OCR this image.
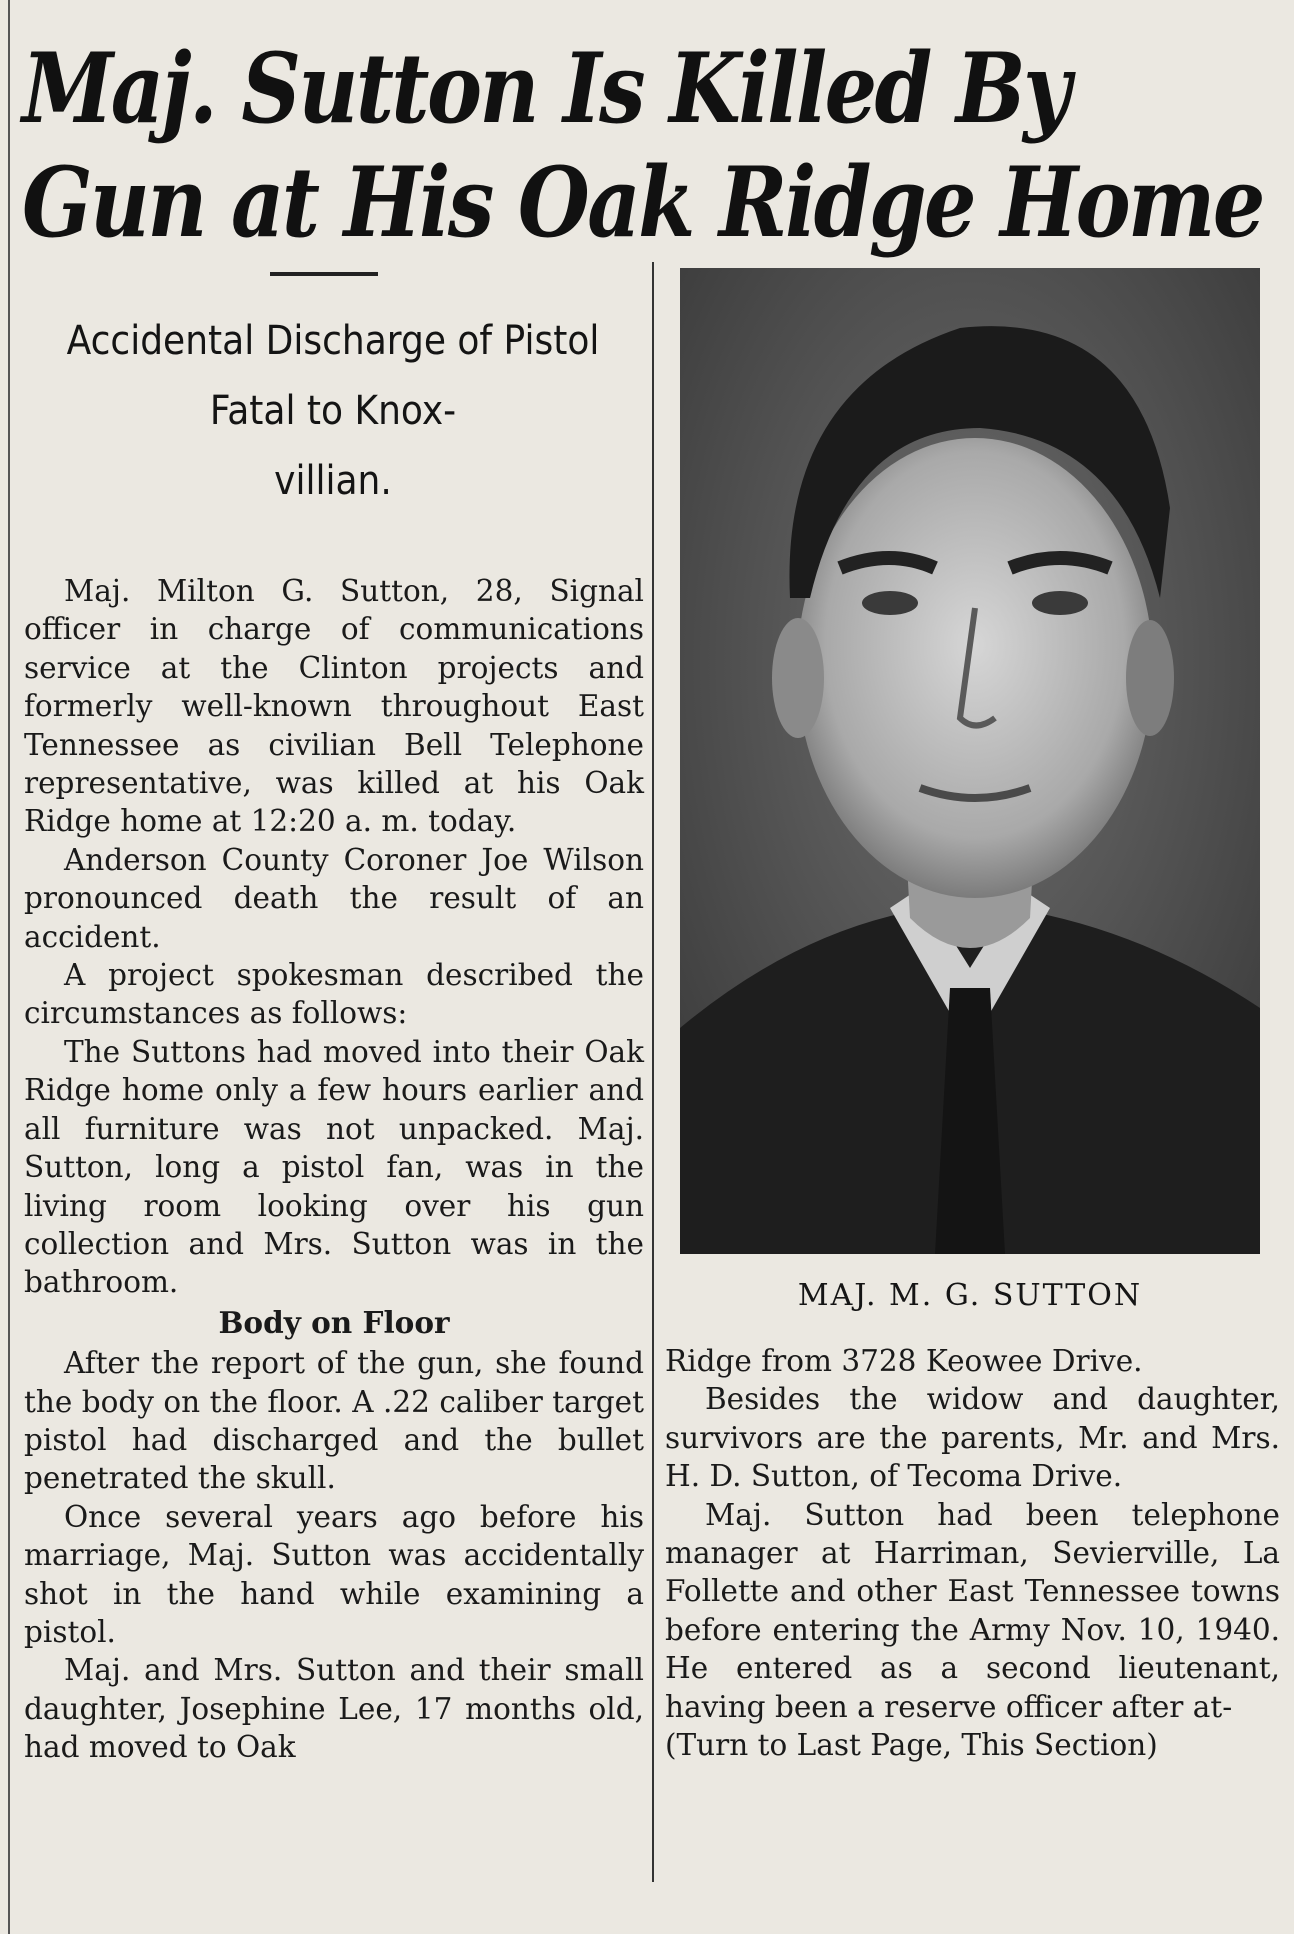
Maj. Sutton Is Killed By
Gun at His Oak Ridge Home
Accidental Discharge of Pistol
Fatal to Knox-
villian.

Maj. Milton G. Sutton, 28, Signal officer in charge of communications service at the Clinton projects and formerly well-known throughout East Tennessee as civilian Bell Telephone representative, was killed at his Oak Ridge home at 12:20 a. m. today.

Anderson County Coroner Joe Wilson pronounced death the result of an accident.

A project spokesman described the circumstances as follows:

The Suttons had moved into their Oak Ridge home only a few hours earlier and all furniture was not unpacked. Maj. Sutton, long a pistol fan, was in the living room looking over his gun collection and Mrs. Sutton was in the bathroom.

Body on Floor

After the report of the gun, she found the body on the floor. A .22 caliber target pistol had discharged and the bullet penetrated the skull.

Once several years ago before his marriage, Maj. Sutton was accidentally shot in the hand while examining a pistol.

Maj. and Mrs. Sutton and their small daughter, Josephine Lee, 17 months old, had moved to Oak

MAJ. M. G. SUTTON

Ridge from 3728 Keowee Drive.

Besides the widow and daughter, survivors are the parents, Mr. and Mrs. H. D. Sutton, of Tecoma Drive.

Maj. Sutton had been telephone manager at Harriman, Sevierville, La Follette and other East Tennessee towns before entering the Army Nov. 10, 1940. He entered as a second lieutenant, having been a reserve officer after at-

(Turn to Last Page, This Section)
